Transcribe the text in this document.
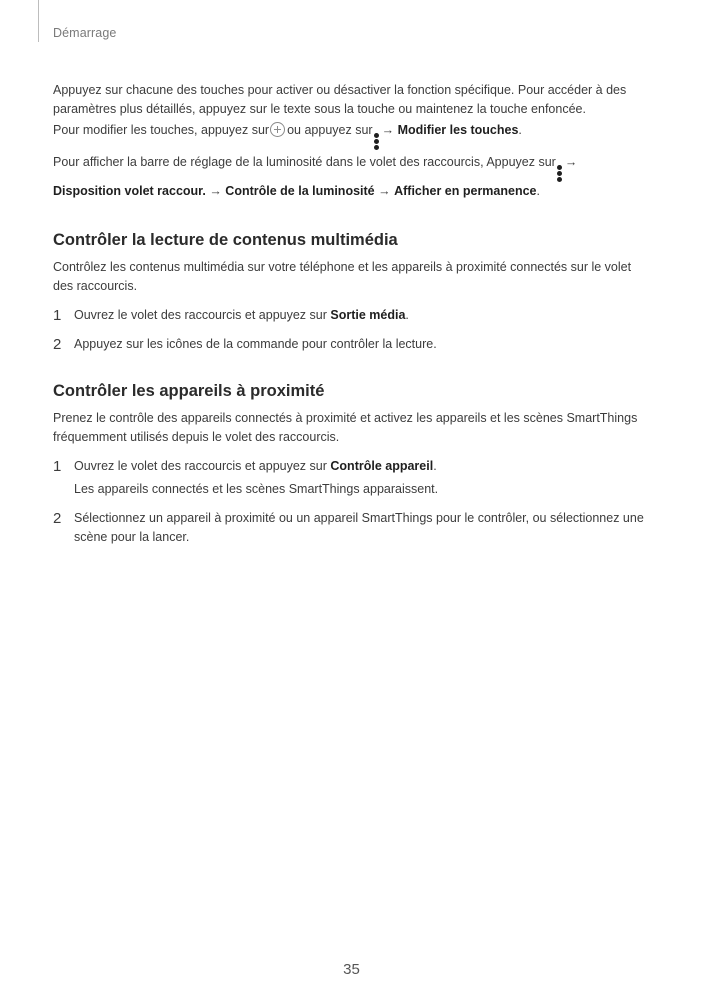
Démarrage

Appuyez sur chacune des touches pour activer ou désactiver la fonction spécifique. Pour accéder à des paramètres plus détaillés, appuyez sur le texte sous la touche ou maintenez la touche enfoncée.

Pour modifier les touches, appuyez sur ou appuyez sur → Modifier les touches.

Pour afficher la barre de réglage de la luminosité dans le volet des raccourcis, Appuyez sur → Disposition volet raccour. → Contrôle de la luminosité → Afficher en permanence.

Contrôler la lecture de contenus multimédia

Contrôlez les contenus multimédia sur votre téléphone et les appareils à proximité connectés sur le volet des raccourcis.

1	Ouvrez le volet des raccourcis et appuyez sur Sortie média.

2	Appuyez sur les icônes de la commande pour contrôler la lecture.

Contrôler les appareils à proximité

Prenez le contrôle des appareils connectés à proximité et activez les appareils et les scènes SmartThings fréquemment utilisés depuis le volet des raccourcis.

1	Ouvrez le volet des raccourcis et appuyez sur Contrôle appareil.

Les appareils connectés et les scènes SmartThings apparaissent.

2	Sélectionnez un appareil à proximité ou un appareil SmartThings pour le contrôler, ou sélectionnez une scène pour la lancer.

35
